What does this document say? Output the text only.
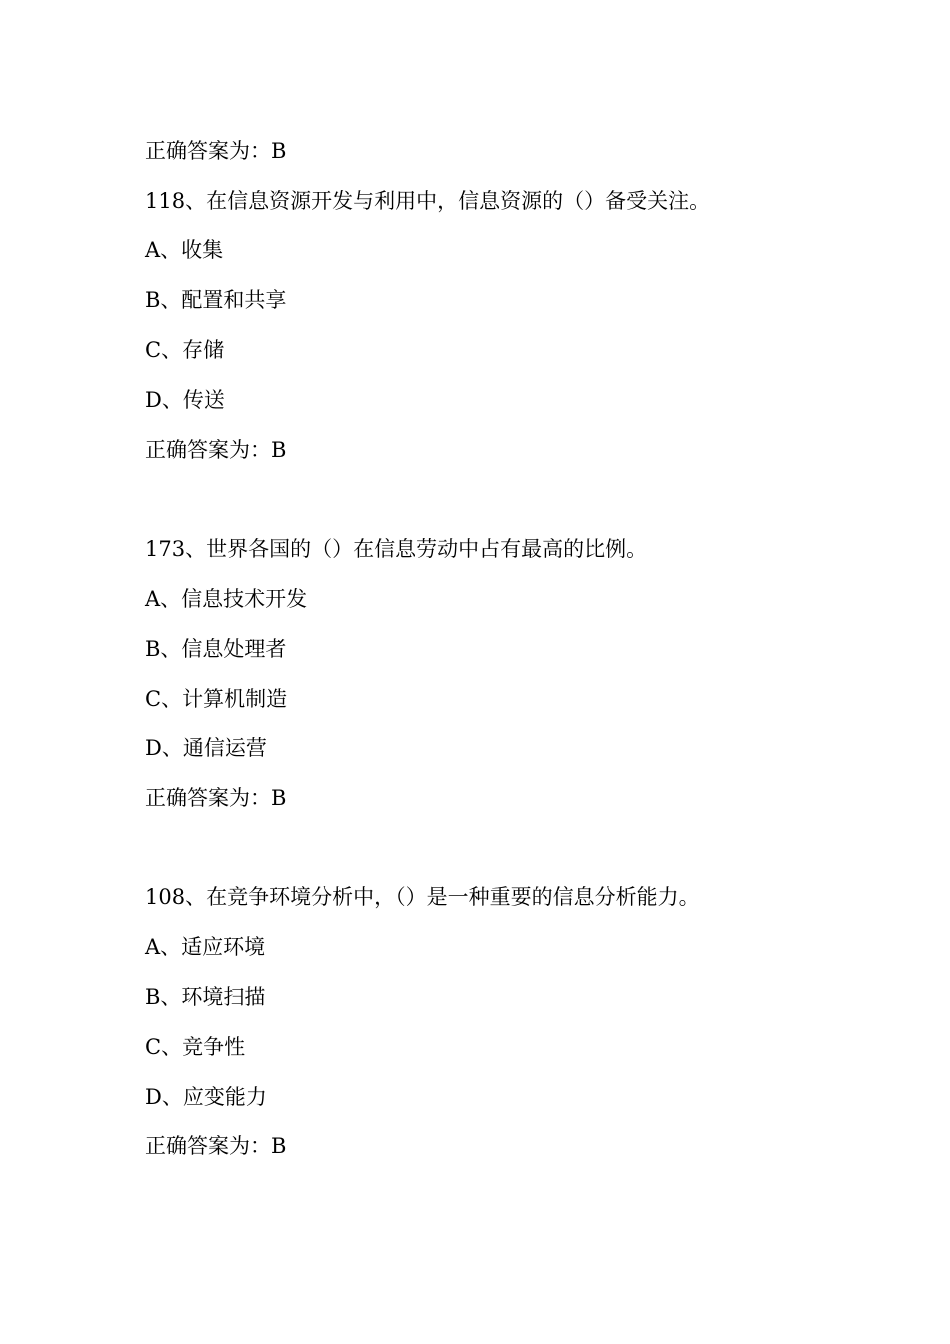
正确答案为：B
118、在信息资源开发与利用中，信息资源的（）备受关注。
A、收集
B、配置和共享
C、存储
D、传送
正确答案为：B
173、世界各国的（）在信息劳动中占有最高的比例。
A、信息技术开发
B、信息处理者
C、计算机制造
D、通信运营
正确答案为：B
108、在竞争环境分析中，（）是一种重要的信息分析能力。
A、适应环境
B、环境扫描
C、竞争性
D、应变能力
正确答案为：B
